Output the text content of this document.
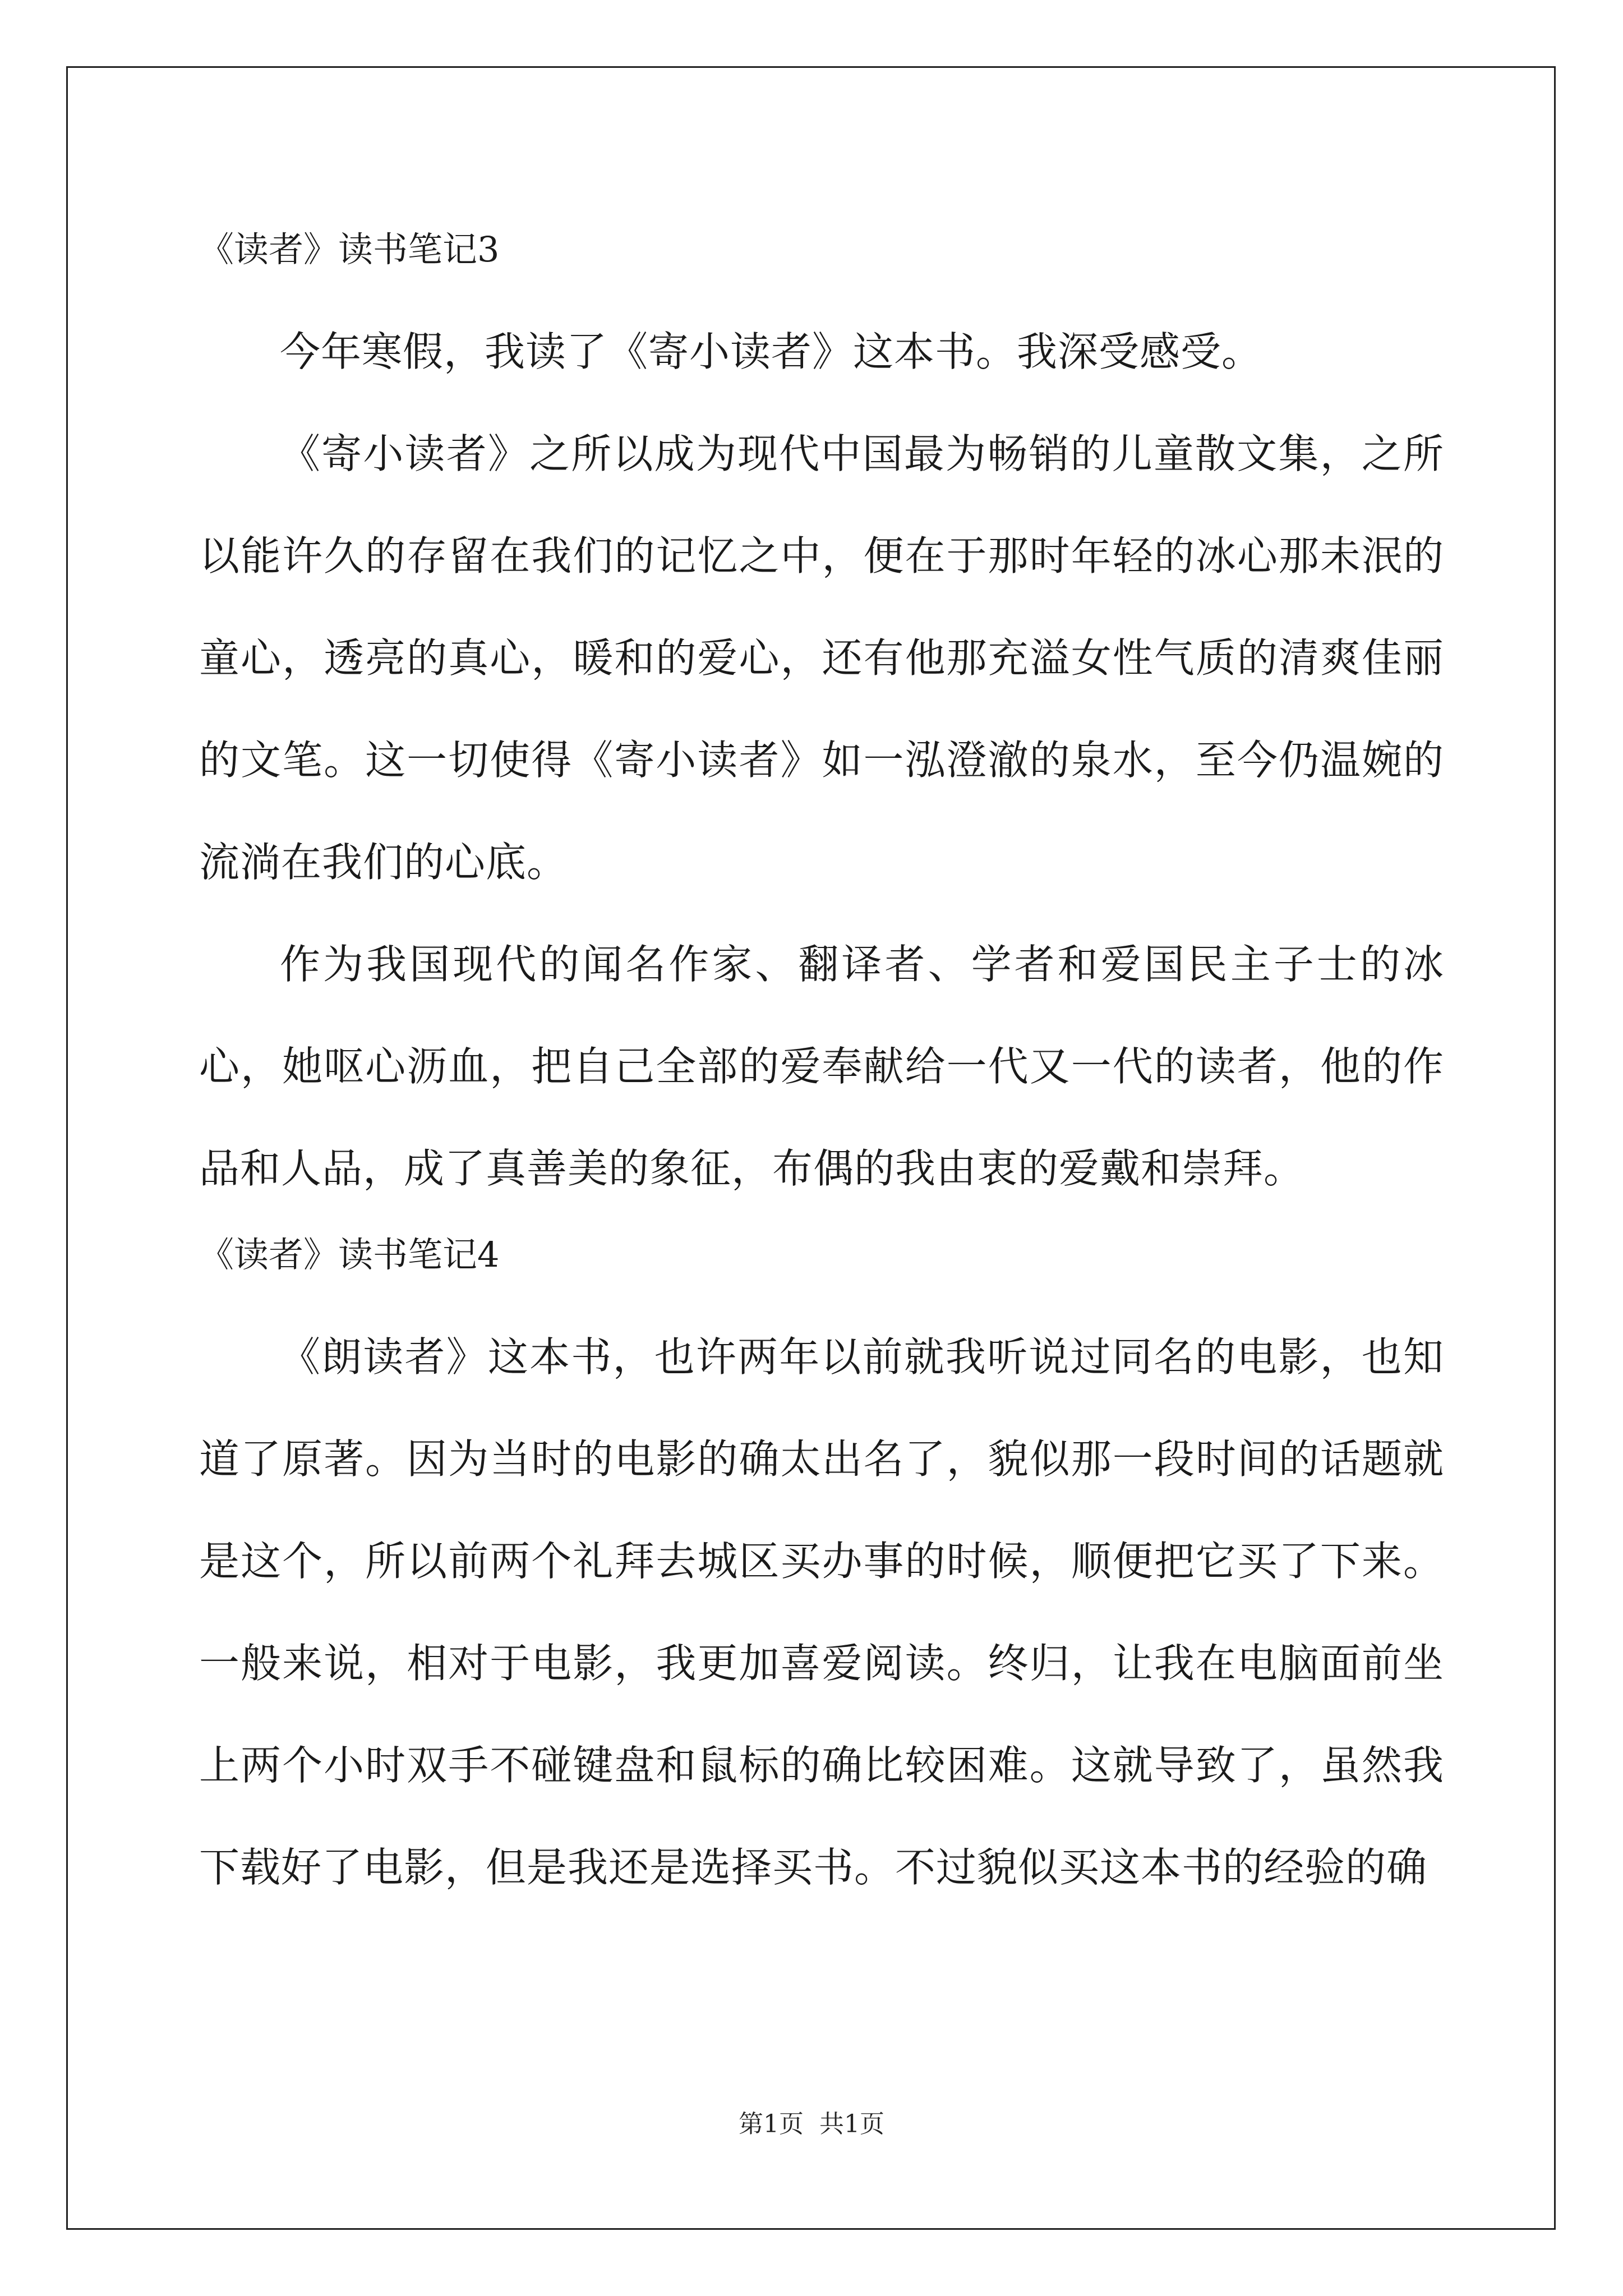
《读者》读书笔记3

今年寒假，我读了《寄小读者》这本书。我深受感受。

《寄小读者》之所以成为现代中国最为畅销的儿童散文集，之所以能许久的存留在我们的记忆之中，便在于那时年轻的冰心那未泯的童心，透亮的真心，暖和的爱心，还有他那充溢女性气质的清爽佳丽的文笔。这一切使得《寄小读者》如一泓澄澈的泉水，至今仍温婉的流淌在我们的心底。

作为我国现代的闻名作家、翻译者、学者和爱国民主子士的冰心，她呕心沥血，把自己全部的爱奉献给一代又一代的读者，他的作品和人品，成了真善美的象征，布偶的我由衷的爱戴和崇拜。

《读者》读书笔记4

《朗读者》这本书，也许两年以前就我听说过同名的电影，也知道了原著。因为当时的电影的确太出名了，貌似那一段时间的话题就是这个，所以前两个礼拜去城区买办事的时候，顺便把它买了下来。一般来说，相对于电影，我更加喜爱阅读。终归，让我在电脑面前坐上两个小时双手不碰键盘和鼠标的确比较困难。这就导致了，虽然我下载好了电影，但是我还是选择买书。不过貌似买这本书的经验的确

第1页  共1页
